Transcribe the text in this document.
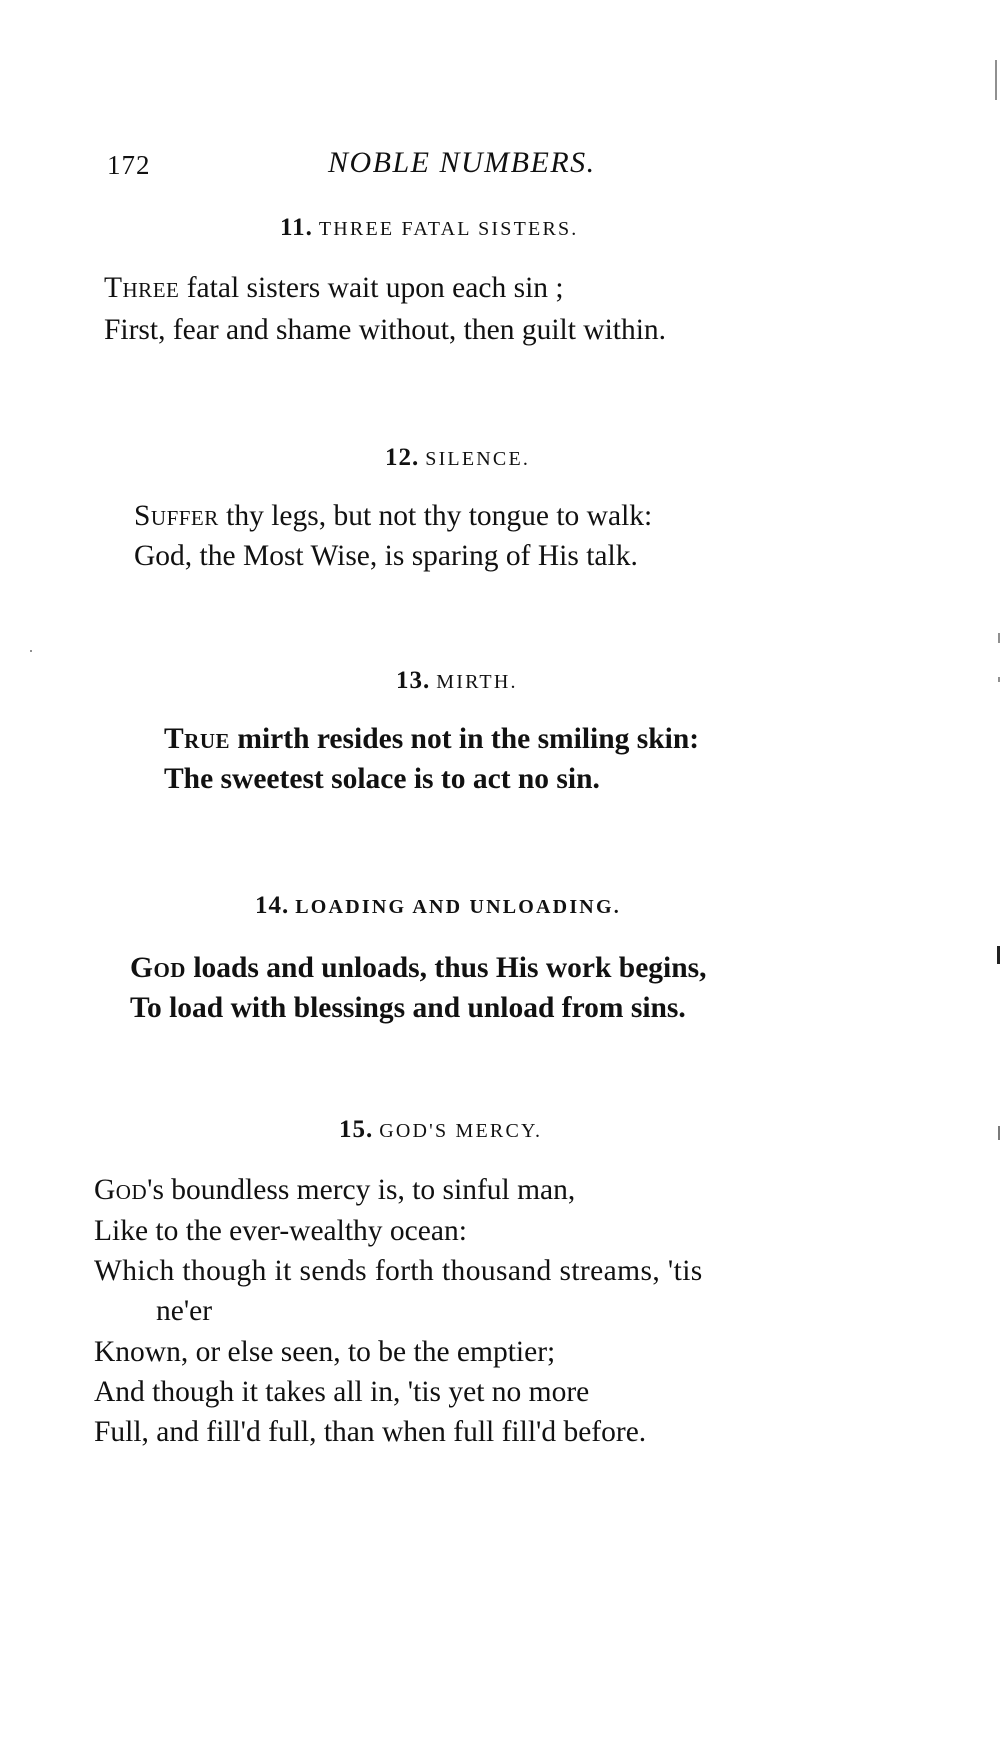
172	NOBLE NUMBERS.
11. THREE FATAL SISTERS.
Three fatal sisters wait upon each sin ;
First, fear and shame without, then guilt within.
12. SILENCE.
Suffer thy legs, but not thy tongue to walk:
God, the Most Wise, is sparing of His talk.
13. MIRTH.
True mirth resides not in the smiling skin:
The sweetest solace is to act no sin.
14. LOADING AND UNLOADING.
God loads and unloads, thus His work begins,
To load with blessings and unload from sins.
15. GOD'S MERCY.
God's boundless mercy is, to sinful man,
Like to the ever-wealthy ocean:
Which though it sends forth thousand streams, 'tis
ne'er
Known, or else seen, to be the emptier;
And though it takes all in, 'tis yet no more
Full, and fill'd full, than when full fill'd before.
